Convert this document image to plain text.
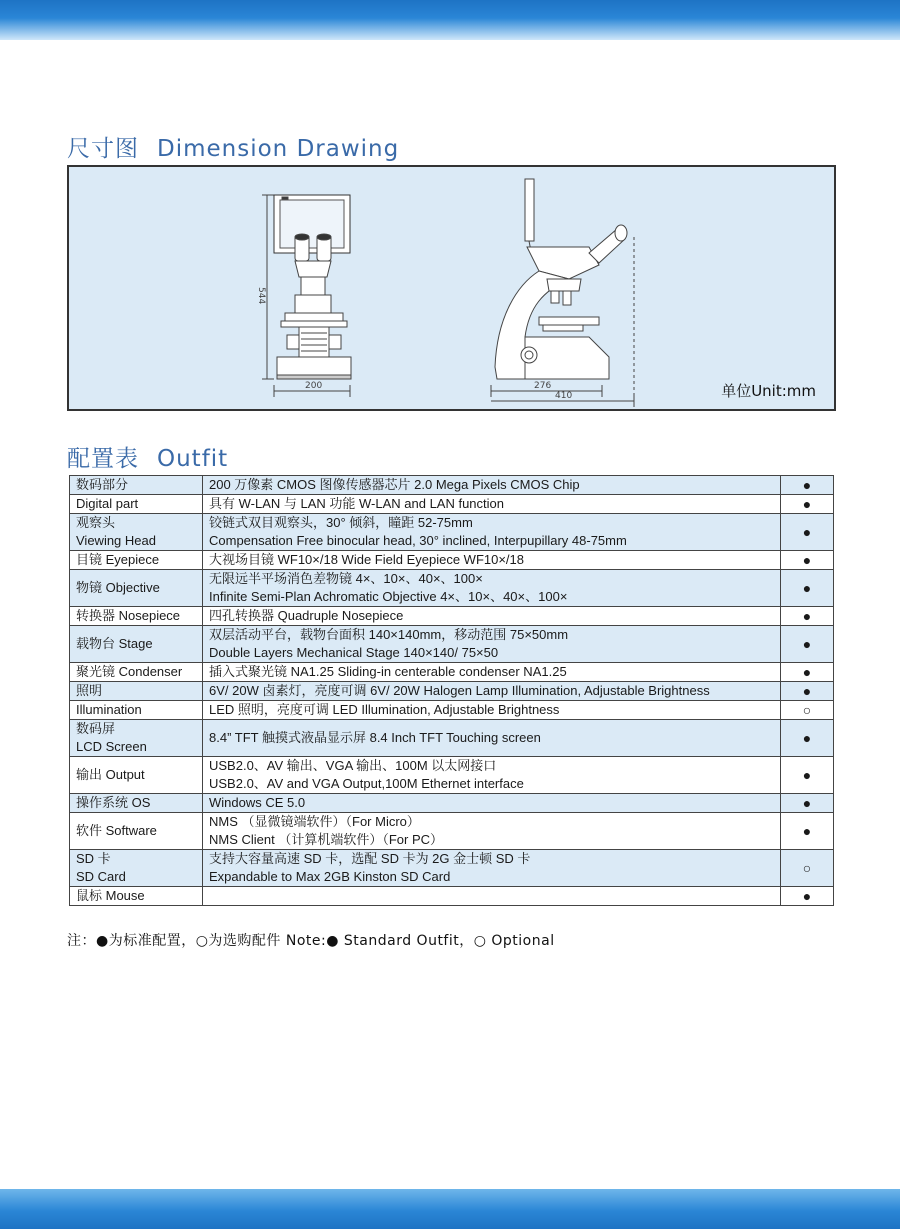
尺寸图 Dimension Drawing
544
200	276
410	单位Unit:mm
配置表 Outfit
数码部分	200 万像素 CMOS 图像传感器芯片 2.0 Mega Pixels CMOS Chip	●

Digital part	具有 W-LAN 与 LAN 功能 W-LAN and LAN function	●

观察头
Viewing Head	铰链式双目观察头，30° 倾斜，瞳距 52-75mm
Compensation Free binocular head, 30° inclined, Interpupillary 48-75mm	●

目镜 Eyepiece	大视场目镜 WF10×/18 Wide Field Eyepiece WF10×/18	●

物镜 Objective	无限远半平场消色差物镜 4×、10×、40×、100×
Infinite Semi-Plan Achromatic Objective 4×、10×、40×、100×	●

转换器 Nosepiece	四孔转换器 Quadruple Nosepiece	●

载物台 Stage	双层活动平台，载物台面积 140×140mm，移动范围 75×50mm
Double Layers Mechanical Stage 140×140/ 75×50	●

聚光镜 Condenser	插入式聚光镜 NA1.25 Sliding-in centerable condenser NA1.25	●

照明	6V/ 20W 卤素灯，亮度可调 6V/ 20W Halogen Lamp Illumination, Adjustable Brightness	●

Illumination	LED 照明，亮度可调 LED Illumination, Adjustable Brightness	○

数码屏
LCD Screen	8.4” TFT 触摸式液晶显示屏 8.4 Inch TFT Touching screen	●

输出 Output	USB2.0、AV 输出、VGA 输出、100M 以太网接口
USB2.0、AV and VGA Output,100M Ethernet interface	●

操作系统 OS	Windows CE 5.0	●

软件 Software	NMS （显微镜端软件）（For Micro）
NMS Client （计算机端软件）（For PC）	●

SD 卡
SD Card	支持大容量高速 SD 卡，选配 SD 卡为 2G 金士顿 SD 卡
Expandable to Max 2GB Kinston SD Card	○

鼠标 Mouse		●
注：●为标准配置，○为选购配件 Note:● Standard Outfit，○ Optional
